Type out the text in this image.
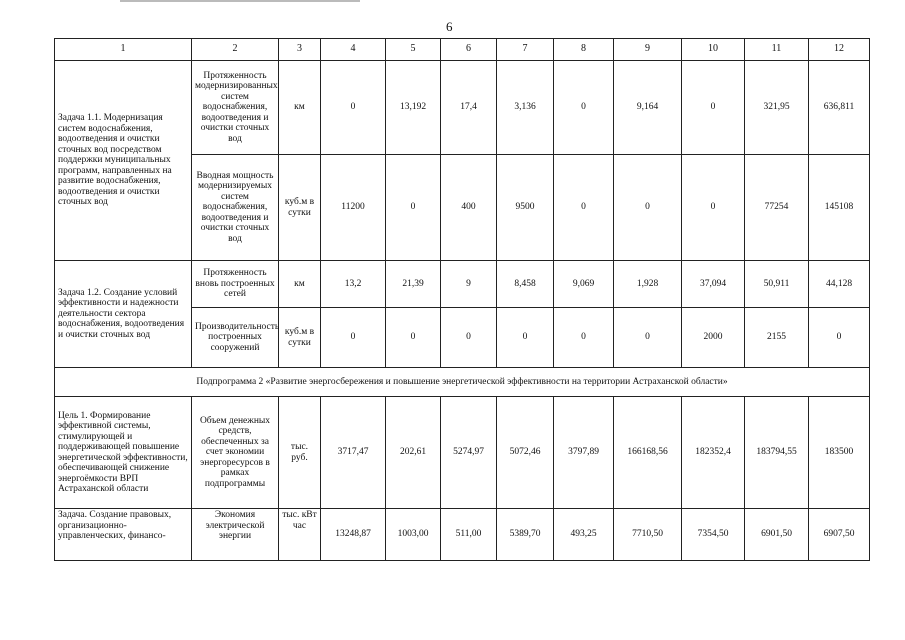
6
1	2	3	4	5	6	7	8	9	10	11	12
Задача 1.1. Модернизация систем водоснабжения, водоотведения и очистки сточных вод посредством поддержки муниципальных программ, направленных на развитие водоснабжения, водоотведения и очистки сточных вод	Протяженность модернизированных систем водоснабжения, водоотведения и очистки сточных вод	км	0	13,192	17,4	3,136	0	9,164	0	321,95	636,811
	Вводная мощность модернизируемых систем водоснабжения, водоотведения и очистки сточных вод	куб.м в сутки	11200	0	400	9500	0	0	0	77254	145108
Задача 1.2. Создание условий эффективности и надежности деятельности сектора водоснабжения, водоотведения и очистки сточных вод	Протяженность вновь построенных сетей	км	13,2	21,39	9	8,458	9,069	1,928	37,094	50,911	44,128
	Производительность построенных сооружений	куб.м в сутки	0	0	0	0	0	0	2000	2155	0
Подпрограмма 2 «Развитие энергосбережения и повышение энергетической эффективности на территории Астраханской области»											
Цель 1. Формирование эффективной системы, стимулирующей и поддерживающей повышение энергетической эффективности, обеспечивающей снижение энергоёмкости ВРП Астраханской области	Объем денежных средств, обеспеченных за счет экономии энергоресурсов в рамках подпрограммы	тыс. руб.	3717,47	202,61	5274,97	5072,46	3797,89	166168,56	182352,4	183794,55	183500
Задача. Создание правовых, организационно-управленческих, финансо-	Экономия электрической энергии	тыс. кВт час	13248,87	1003,00	511,00	5389,70	493,25	7710,50	7354,50	6901,50	6907,50
